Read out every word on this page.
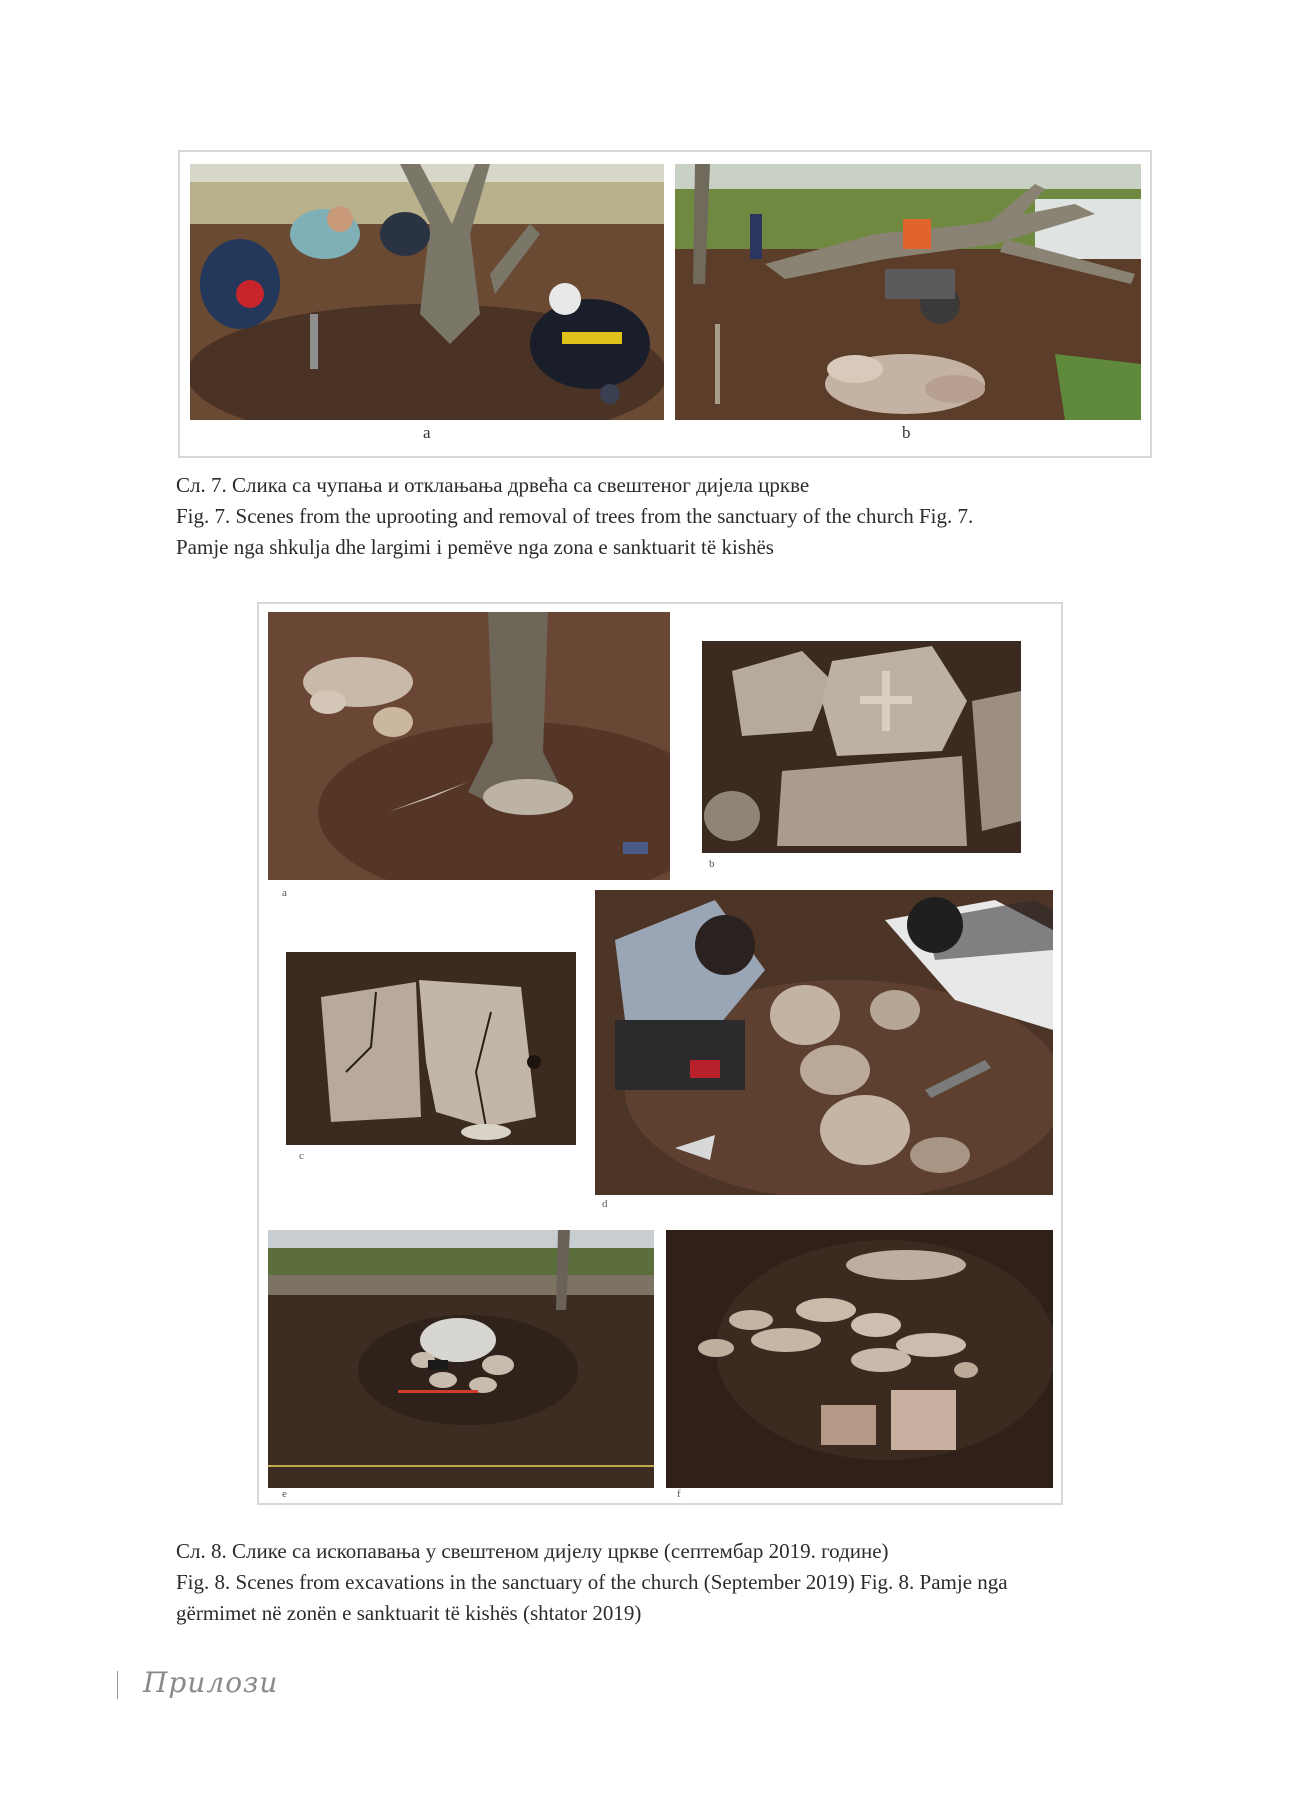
a	b
Сл. 7. Слика са чупања и отклањања дрвећа са свештеног дијела цркве
Fig. 7. Scenes from the uprooting and removal of trees from the sanctuary of the church Fig. 7.
Pamje nga shkulja dhe largimi i pemëve nga zona e sanktuarit të kishës
a
b
c
d
e	f
Сл. 8. Слике са ископавања у свештеном дијелу цркве (септембар 2019. године)
Fig. 8. Scenes from excavations in the sanctuary of the church (September 2019) Fig. 8. Pamje nga
gërmimet në zonën e sanktuarit të kishës (shtator 2019)
Прилози
